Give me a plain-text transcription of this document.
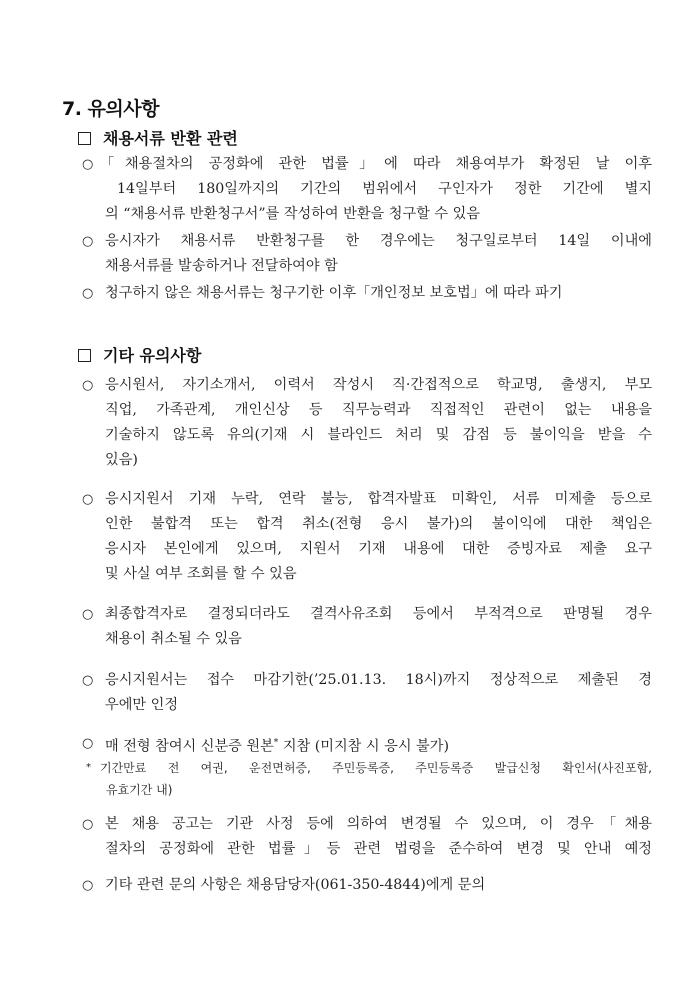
7. 유의사항
채용서류 반환 관련
○ 「채용절차의 공정화에 관한 법률」에 따라 채용여부가 확정된 날 이후
14일부터 180일까지의 기간의 범위에서 구인자가 정한 기간에 별지
의 “채용서류 반환청구서”를 작성하여 반환을 청구할 수 있음
○ 응시자가 채용서류 반환청구를 한 경우에는 청구일로부터 14일 이내에
채용서류를 발송하거나 전달하여야 함
○ 청구하지 않은 채용서류는 청구기한 이후「개인정보 보호법」에 따라 파기
기타 유의사항
○ 응시원서, 자기소개서, 이력서 작성시 직·간접적으로 학교명, 출생지, 부모
직업, 가족관계, 개인신상 등 직무능력과 직접적인 관련이 없는 내용을
기술하지 않도록 유의(기재 시 블라인드 처리 및 감점 등 불이익을 받을 수
있음)
○ 응시지원서 기재 누락, 연락 불능, 합격자발표 미확인, 서류 미제출 등으로
인한 불합격 또는 합격 취소(전형 응시 불가)의 불이익에 대한 책임은
응시자 본인에게 있으며, 지원서 기재 내용에 대한 증빙자료 제출 요구
및 사실 여부 조회를 할 수 있음
○ 최종합격자로 결정되더라도 결격사유조회 등에서 부적격으로 판명될 경우
채용이 취소될 수 있음
○ 응시지원서는 접수 마감기한(’25.01.13. 18시)까지 정상적으로 제출된 경
우에만 인정
○ 매 전형 참여시 신분증 원본* 지참 (미지참 시 응시 불가)
* 기간만료 전 여권, 운전면허증, 주민등록증, 주민등록증 발급신청 확인서(사진포함,
유효기간 내)
○ 본 채용 공고는 기관 사정 등에 의하여 변경될 수 있으며, 이 경우「채용
절차의 공정화에 관한 법률」등 관련 법령을 준수하여 변경 및 안내 예정
○ 기타 관련 문의 사항은 채용담당자(061-350-4844)에게 문의
